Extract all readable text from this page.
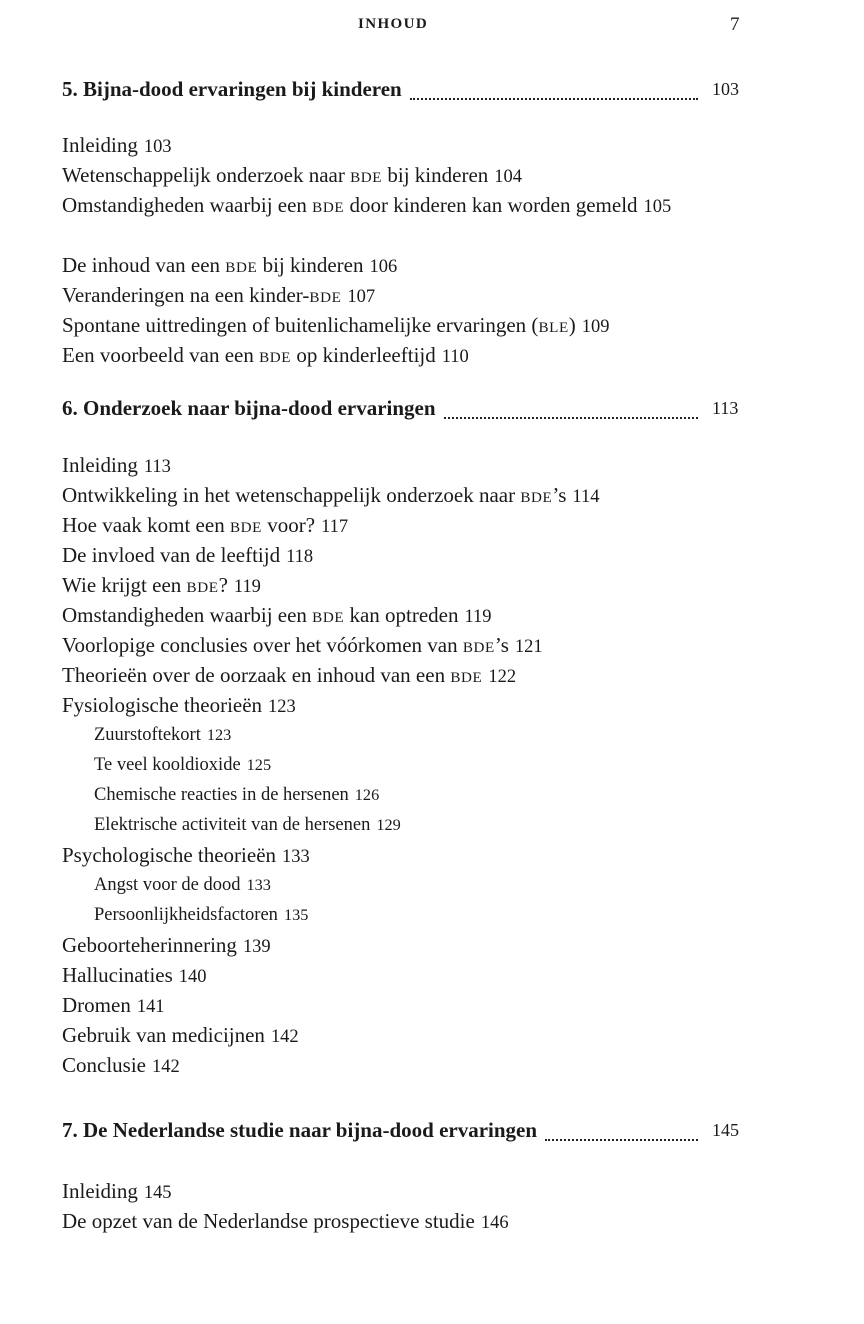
INHOUD	7
5. Bijna-dood ervaringen bij kinderen	103
Inleiding 103
Wetenschappelijk onderzoek naar BDE bij kinderen 104
Omstandigheden waarbij een BDE door kinderen kan worden gemeld 105
De inhoud van een BDE bij kinderen 106
Veranderingen na een kinder-BDE 107
Spontane uittredingen of buitenlichamelijke ervaringen (BLE) 109
Een voorbeeld van een BDE op kinderleeftijd 110
6. Onderzoek naar bijna-dood ervaringen	113
Inleiding 113
Ontwikkeling in het wetenschappelijk onderzoek naar BDE’s 114
Hoe vaak komt een BDE voor? 117
De invloed van de leeftijd 118
Wie krijgt een BDE? 119
Omstandigheden waarbij een BDE kan optreden 119
Voorlopige conclusies over het vóórkomen van BDE’s 121
Theorieën over de oorzaak en inhoud van een BDE 122
Fysiologische theorieën 123
Zuurstoftekort 123
Te veel kooldioxide 125
Chemische reacties in de hersenen 126
Elektrische activiteit van de hersenen 129
Psychologische theorieën 133
Angst voor de dood 133
Persoonlijkheidsfactoren 135
Geboorteherinnering 139
Hallucinaties 140
Dromen 141
Gebruik van medicijnen 142
Conclusie 142
7. De Nederlandse studie naar bijna-dood ervaringen	145
Inleiding 145
De opzet van de Nederlandse prospectieve studie 146
